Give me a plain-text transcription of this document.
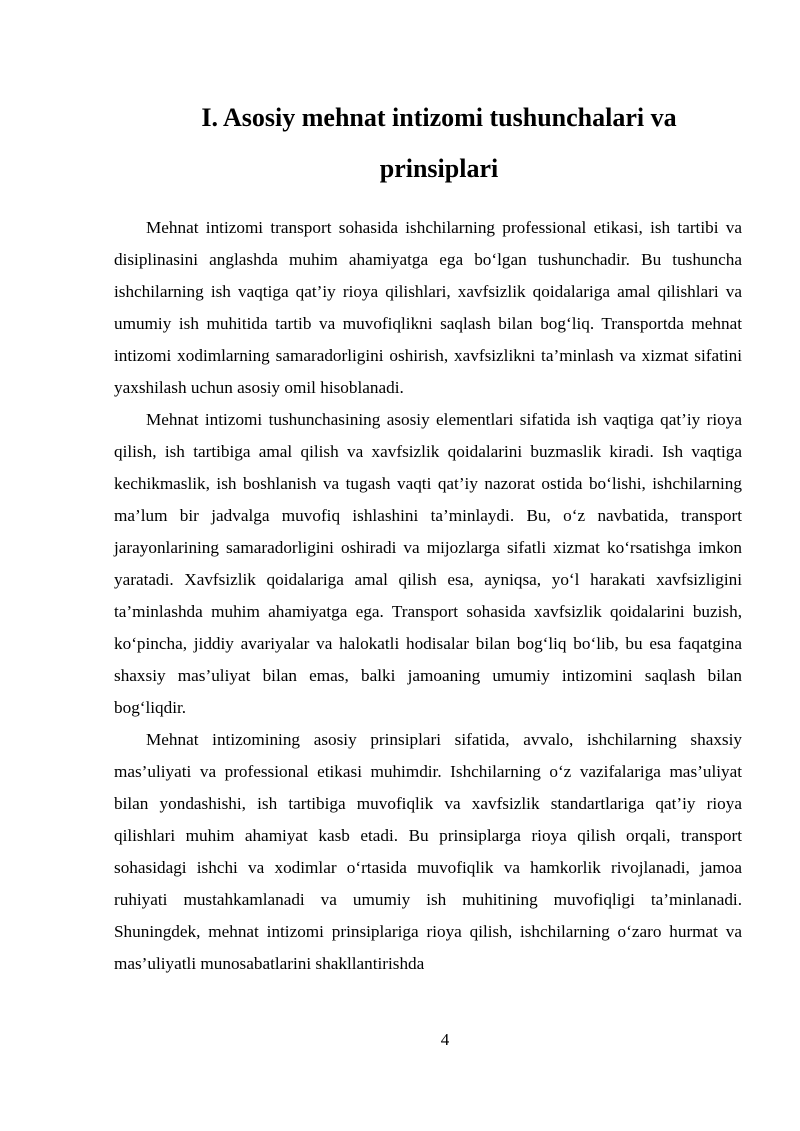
I. Asosiy mehnat intizomi tushunchalari va
prinsiplari

Mehnat intizomi transport sohasida ishchilarning professional etikasi, ish tartibi va disiplinasini anglashda muhim ahamiyatga ega bo‘lgan tushunchadir. Bu tushuncha ishchilarning ish vaqtiga qat’iy rioya qilishlari, xavfsizlik qoidalariga amal qilishlari va umumiy ish muhitida tartib va muvofiqlikni saqlash bilan bog‘liq. Transportda mehnat intizomi xodimlarning samaradorligini oshirish, xavfsizlikni ta’minlash va xizmat sifatini yaxshilash uchun asosiy omil hisoblanadi.

Mehnat intizomi tushunchasining asosiy elementlari sifatida ish vaqtiga qat’iy rioya qilish, ish tartibiga amal qilish va xavfsizlik qoidalarini buzmaslik kiradi. Ish vaqtiga kechikmaslik, ish boshlanish va tugash vaqti qat’iy nazorat ostida bo‘lishi, ishchilarning ma’lum bir jadvalga muvofiq ishlashini ta’minlaydi. Bu, o‘z navbatida, transport jarayonlarining samaradorligini oshiradi va mijozlarga sifatli xizmat ko‘rsatishga imkon yaratadi. Xavfsizlik qoidalariga amal qilish esa, ayniqsa, yo‘l harakati xavfsizligini ta’minlashda muhim ahamiyatga ega. Transport sohasida xavfsizlik qoidalarini buzish, ko‘pincha, jiddiy avariyalar va halokatli hodisalar bilan bog‘liq bo‘lib, bu esa faqatgina shaxsiy mas’uliyat bilan emas, balki jamoaning umumiy intizomini saqlash bilan bog‘liqdir.

Mehnat intizomining asosiy prinsiplari sifatida, avvalo, ishchilarning shaxsiy mas’uliyati va professional etikasi muhimdir. Ishchilarning o‘z vazifalariga mas’uliyat bilan yondashishi, ish tartibiga muvofiqlik va xavfsizlik standartlariga qat’iy rioya qilishlari muhim ahamiyat kasb etadi. Bu prinsiplarga rioya qilish orqali, transport sohasidagi ishchi va xodimlar o‘rtasida muvofiqlik va hamkorlik rivojlanadi, jamoa ruhiyati mustahkamlanadi va umumiy ish muhitining muvofiqligi ta’minlanadi. Shuningdek, mehnat intizomi prinsiplariga rioya qilish, ishchilarning o‘zaro hurmat va mas’uliyatli munosabatlarini shakllantirishda

4
